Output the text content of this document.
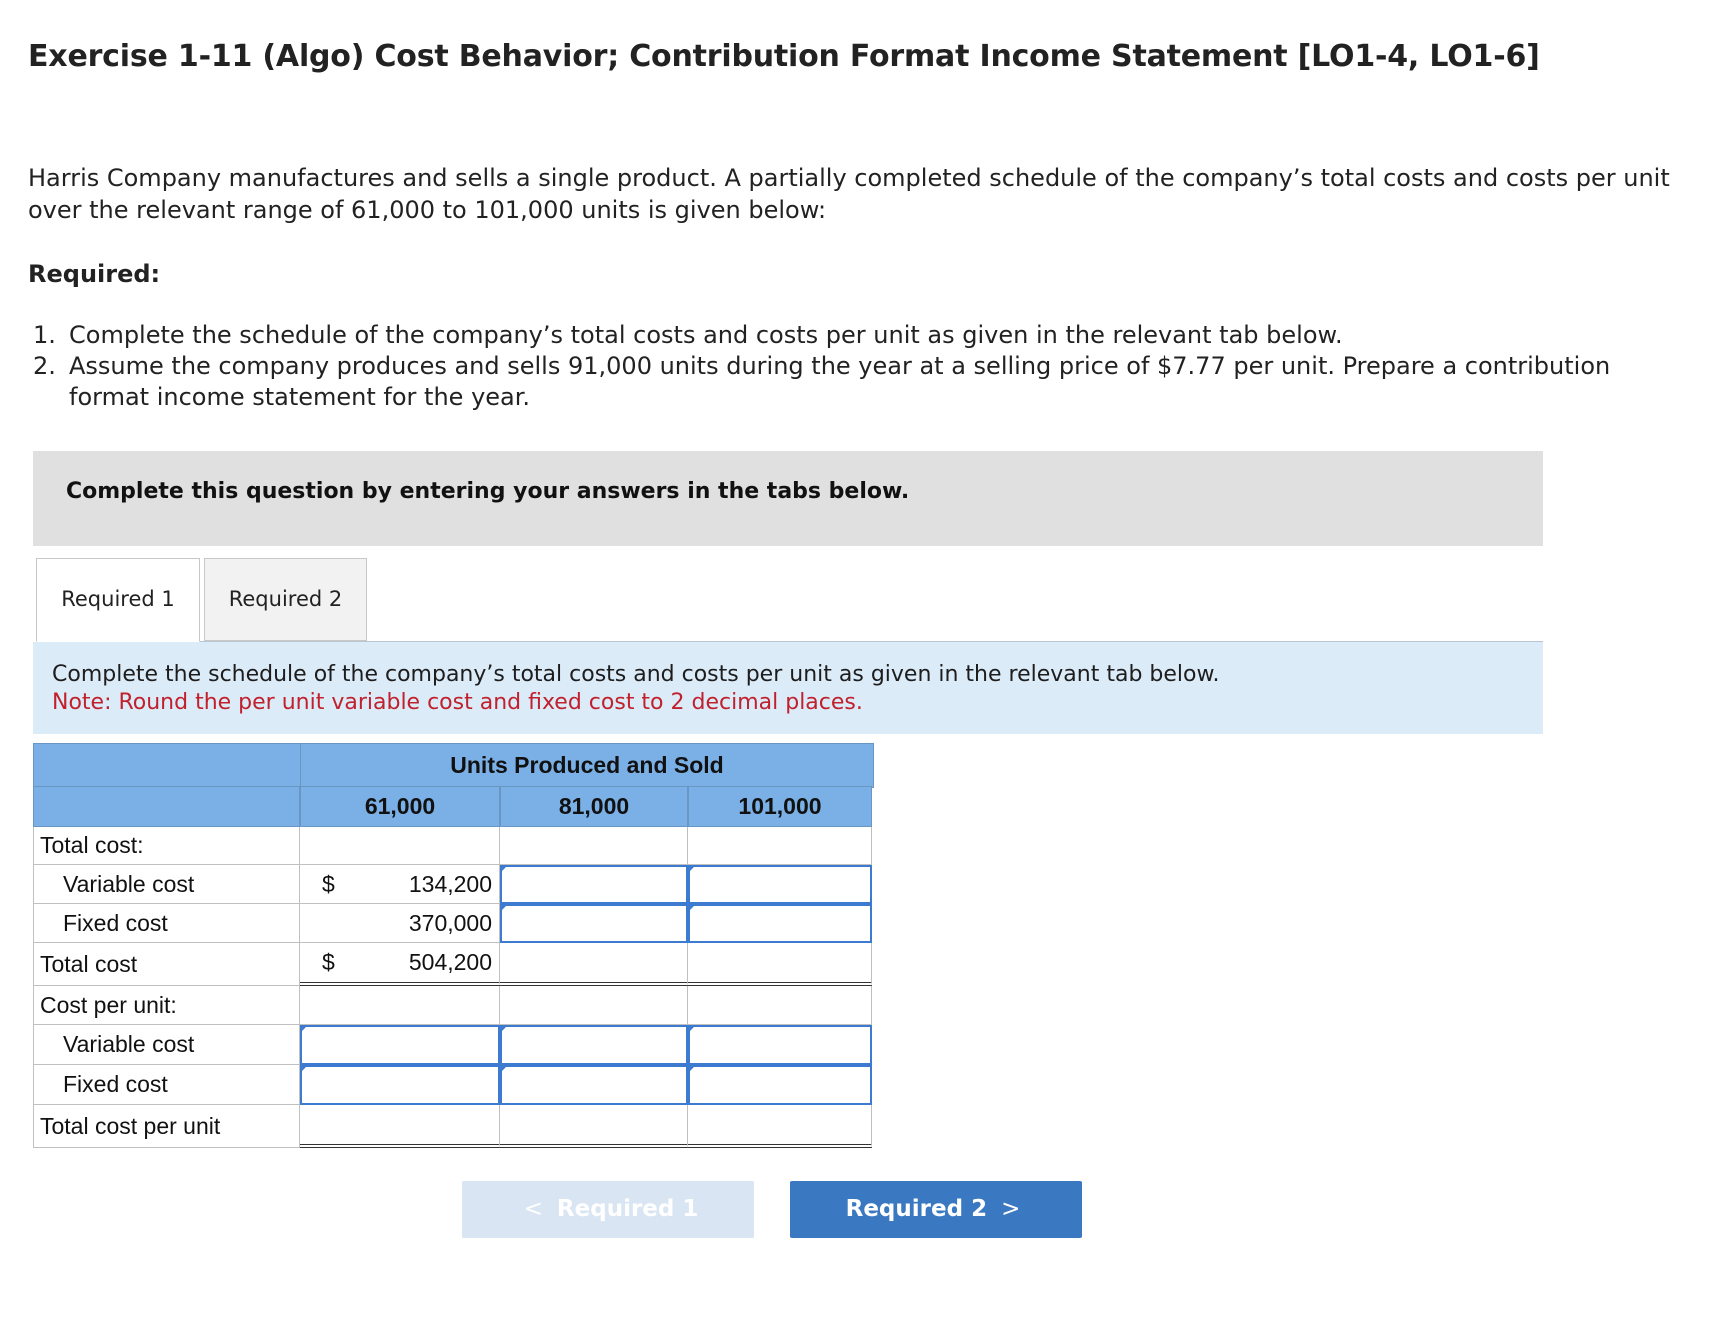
Exercise 1-11 (Algo) Cost Behavior; Contribution Format Income Statement [LO1-4, LO1-6]

Harris Company manufactures and sells a single product. A partially completed schedule of the company’s total costs and costs per unit over the relevant range of 61,000 to 101,000 units is given below:

Required:

1. Complete the schedule of the company’s total costs and costs per unit as given in the relevant tab below.
2. Assume the company produces and sells 91,000 units during the year at a selling price of $7.77 per unit. Prepare a contribution format income statement for the year.
Complete this question by entering your answers in the tabs below.
Required 1	Required 2
Complete the schedule of the company’s total costs and costs per unit as given in the relevant tab below.
Note: Round the per unit variable cost and fixed cost to 2 decimal places.
Units Produced and Sold
61,000	81,000	101,000
Total cost:
Variable cost	$	134,200
Fixed cost	370,000
Total cost	$	504,200
Cost per unit:
Variable cost
Fixed cost
Total cost per unit
< Required 1	Required 2 >
